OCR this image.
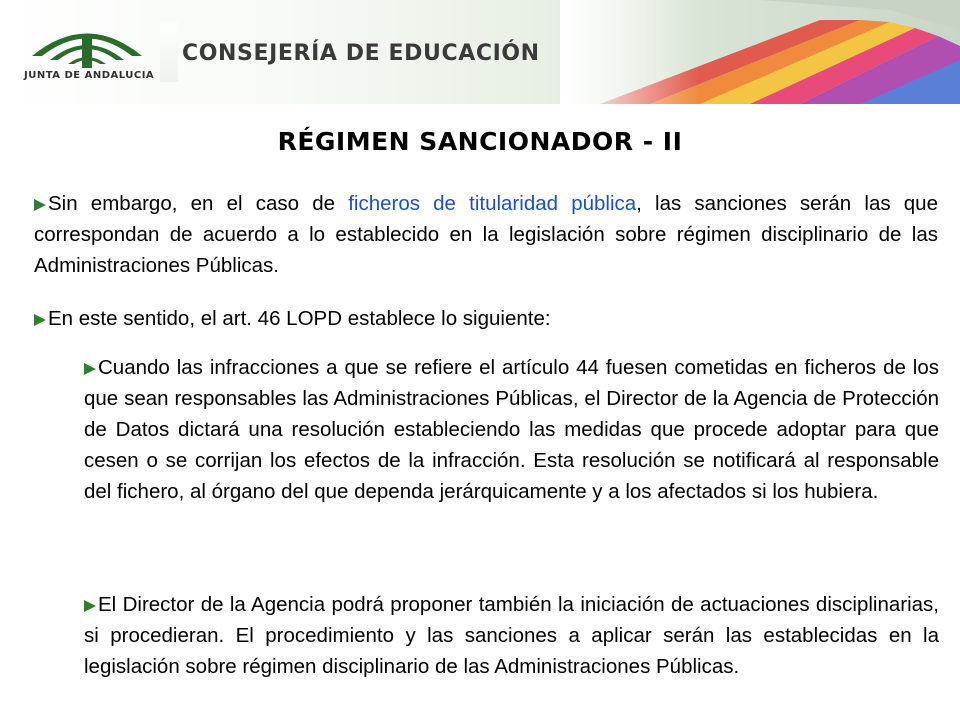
JUNTA DE ANDALUCIA
CONSEJERÍA DE EDUCACIÓN
RÉGIMEN SANCIONADOR - II

Sin embargo, en el caso de ficheros de titularidad pública, las sanciones serán las que correspondan de acuerdo a lo establecido en la legislación sobre régimen disciplinario de las Administraciones Públicas.

En este sentido, el art. 46 LOPD establece lo siguiente:

Cuando las infracciones a que se refiere el artículo 44 fuesen cometidas en ficheros de los que sean responsables las Administraciones Públicas, el Director de la Agencia de Protección de Datos dictará una resolución estableciendo las medidas que procede adoptar para que cesen o se corrijan los efectos de la infracción. Esta resolución se notificará al responsable del fichero, al órgano del que dependa jerárquicamente y a los afectados si los hubiera.

El Director de la Agencia podrá proponer también la iniciación de actuaciones disciplinarias, si procedieran. El procedimiento y las sanciones a aplicar serán las establecidas en la legislación sobre régimen disciplinario de las Administraciones Públicas.
